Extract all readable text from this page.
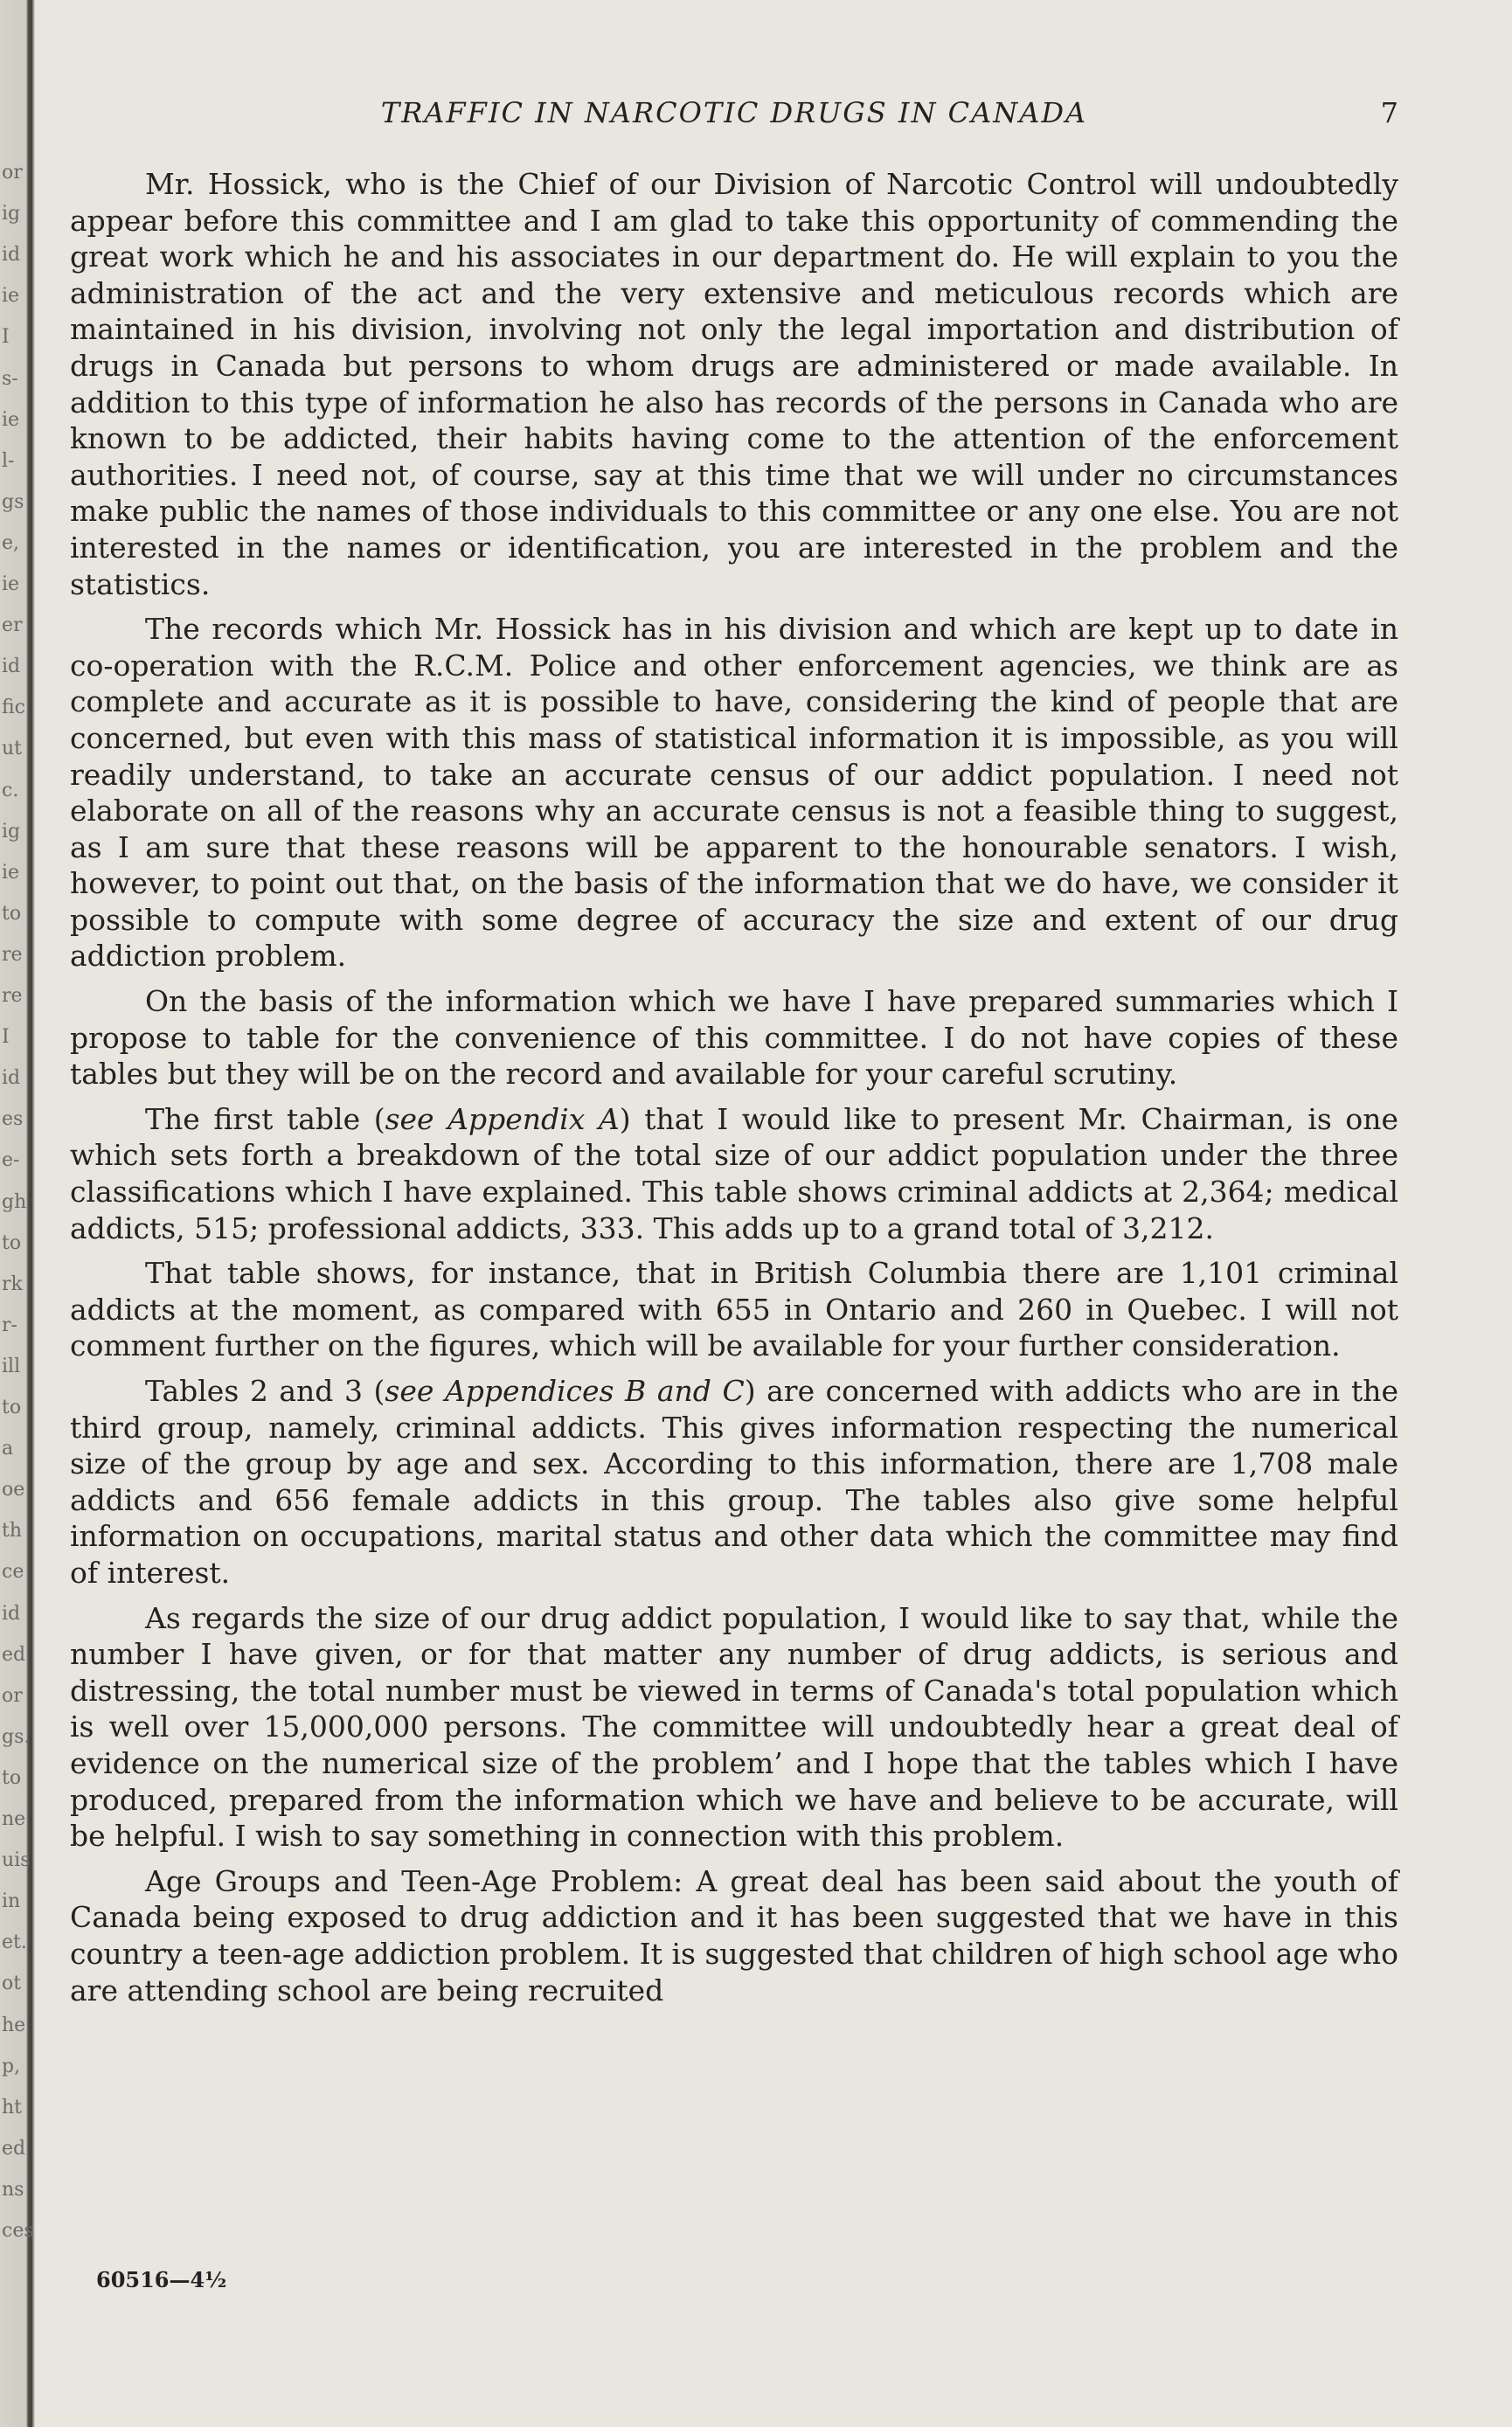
or
ig
id
ie
I
s-
ie
l-
gs
e,
ie
er
id
fic
ut
c.
ig
ie
to
re
re
I
id
es
e-
gh
to
rk
r-
ill
to
a
oe
th
ce
id
ed
or
gs.
to
ne
uis
in
et.
ot
he
p,
ht
ed
ns
ces
TRAFFIC IN NARCOTIC DRUGS IN CANADA	7

Mr. Hossick, who is the Chief of our Division of Narcotic Control will undoubtedly appear before this committee and I am glad to take this opportunity of commending the great work which he and his associates in our department do. He will explain to you the administration of the act and the very extensive and meticulous records which are maintained in his division, involving not only the legal importation and distribution of drugs in Canada but persons to whom drugs are administered or made available. In addition to this type of information he also has records of the persons in Canada who are known to be addicted, their habits having come to the attention of the enforcement authorities. I need not, of course, say at this time that we will under no circumstances make public the names of those individuals to this committee or any one else. You are not interested in the names or identification, you are interested in the problem and the statistics.

The records which Mr. Hossick has in his division and which are kept up to date in co-operation with the R.C.M. Police and other enforcement agencies, we think are as complete and accurate as it is possible to have, considering the kind of people that are concerned, but even with this mass of statistical information it is impossible, as you will readily understand, to take an accurate census of our addict population. I need not elaborate on all of the reasons why an accurate census is not a feasible thing to suggest, as I am sure that these reasons will be apparent to the honourable senators. I wish, however, to point out that, on the basis of the information that we do have, we consider it possible to compute with some degree of accuracy the size and extent of our drug addiction problem.

On the basis of the information which we have I have prepared summaries which I propose to table for the convenience of this committee. I do not have copies of these tables but they will be on the record and available for your careful scrutiny.

The first table (see Appendix A) that I would like to present Mr. Chairman, is one which sets forth a breakdown of the total size of our addict population under the three classifications which I have explained. This table shows criminal addicts at 2,364; medical addicts, 515; professional addicts, 333. This adds up to a grand total of 3,212.

That table shows, for instance, that in British Columbia there are 1,101 criminal addicts at the moment, as compared with 655 in Ontario and 260 in Quebec. I will not comment further on the figures, which will be available for your further consideration.

Tables 2 and 3 (see Appendices B and C) are concerned with addicts who are in the third group, namely, criminal addicts. This gives information respecting the numerical size of the group by age and sex. According to this information, there are 1,708 male addicts and 656 female addicts in this group. The tables also give some helpful information on occupations, marital status and other data which the committee may find of interest.

As regards the size of our drug addict population, I would like to say that, while the number I have given, or for that matter any number of drug addicts, is serious and distressing, the total number must be viewed in terms of Canada's total population which is well over 15,000,000 persons. The committee will undoubtedly hear a great deal of evidence on the numerical size of the problem’ and I hope that the tables which I have produced, prepared from the information which we have and believe to be accurate, will be helpful. I wish to say something in connection with this problem.

Age Groups and Teen-Age Problem: A great deal has been said about the youth of Canada being exposed to drug addiction and it has been suggested that we have in this country a teen-age addiction problem. It is suggested that children of high school age who are attending school are being recruited

60516—4½
